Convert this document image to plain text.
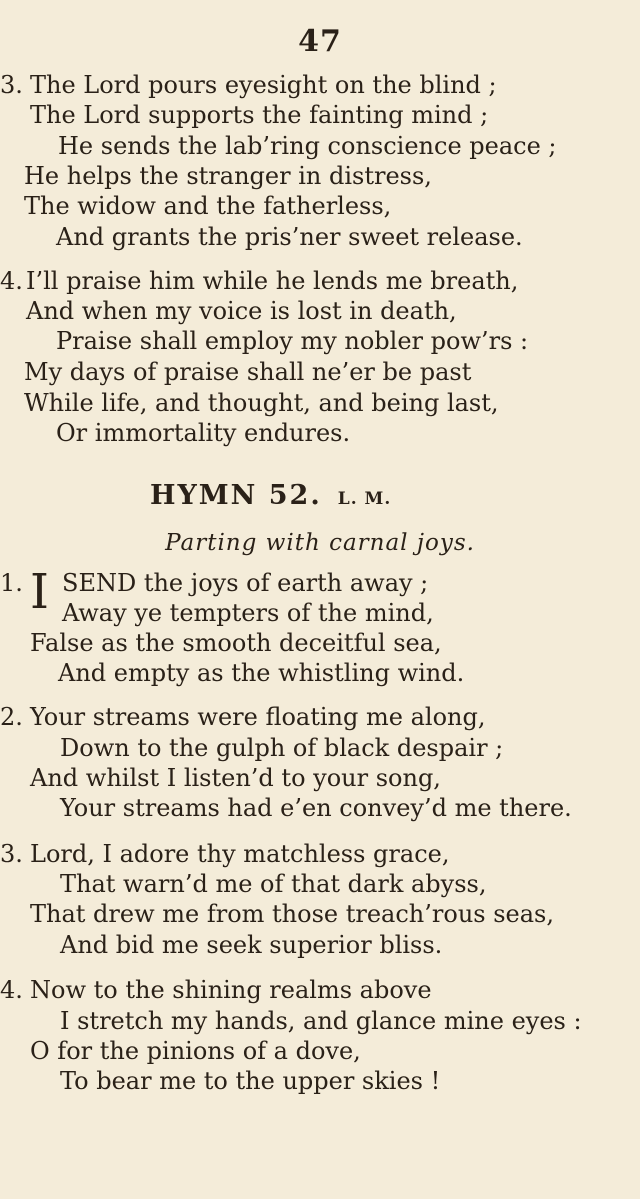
47
3. The Lord pours eyesight on the blind ;
The Lord supports the fainting mind ;
He sends the lab’ring conscience peace ;
He helps the stranger in distress,
The widow and the fatherless,
And grants the pris’ner sweet release.
4. I’ll praise him while he lends me breath,
And when my voice is lost in death,
Praise shall employ my nobler pow’rs :
My days of praise shall ne’er be past
While life, and thought, and being last,
Or immortality endures.
HYMN 52. L. M.
Parting with carnal joys.
1. I SEND the joys of earth away ;
Away ye tempters of the mind,
False as the smooth deceitful sea,
And empty as the whistling wind.
2. Your streams were floating me along,
Down to the gulph of black despair ;
And whilst I listen’d to your song,
Your streams had e’en convey’d me there.
3. Lord, I adore thy matchless grace,
That warn’d me of that dark abyss,
That drew me from those treach’rous seas,
And bid me seek superior bliss.
4. Now to the shining realms above
I stretch my hands, and glance mine eyes :
O for the pinions of a dove,
To bear me to the upper skies !
